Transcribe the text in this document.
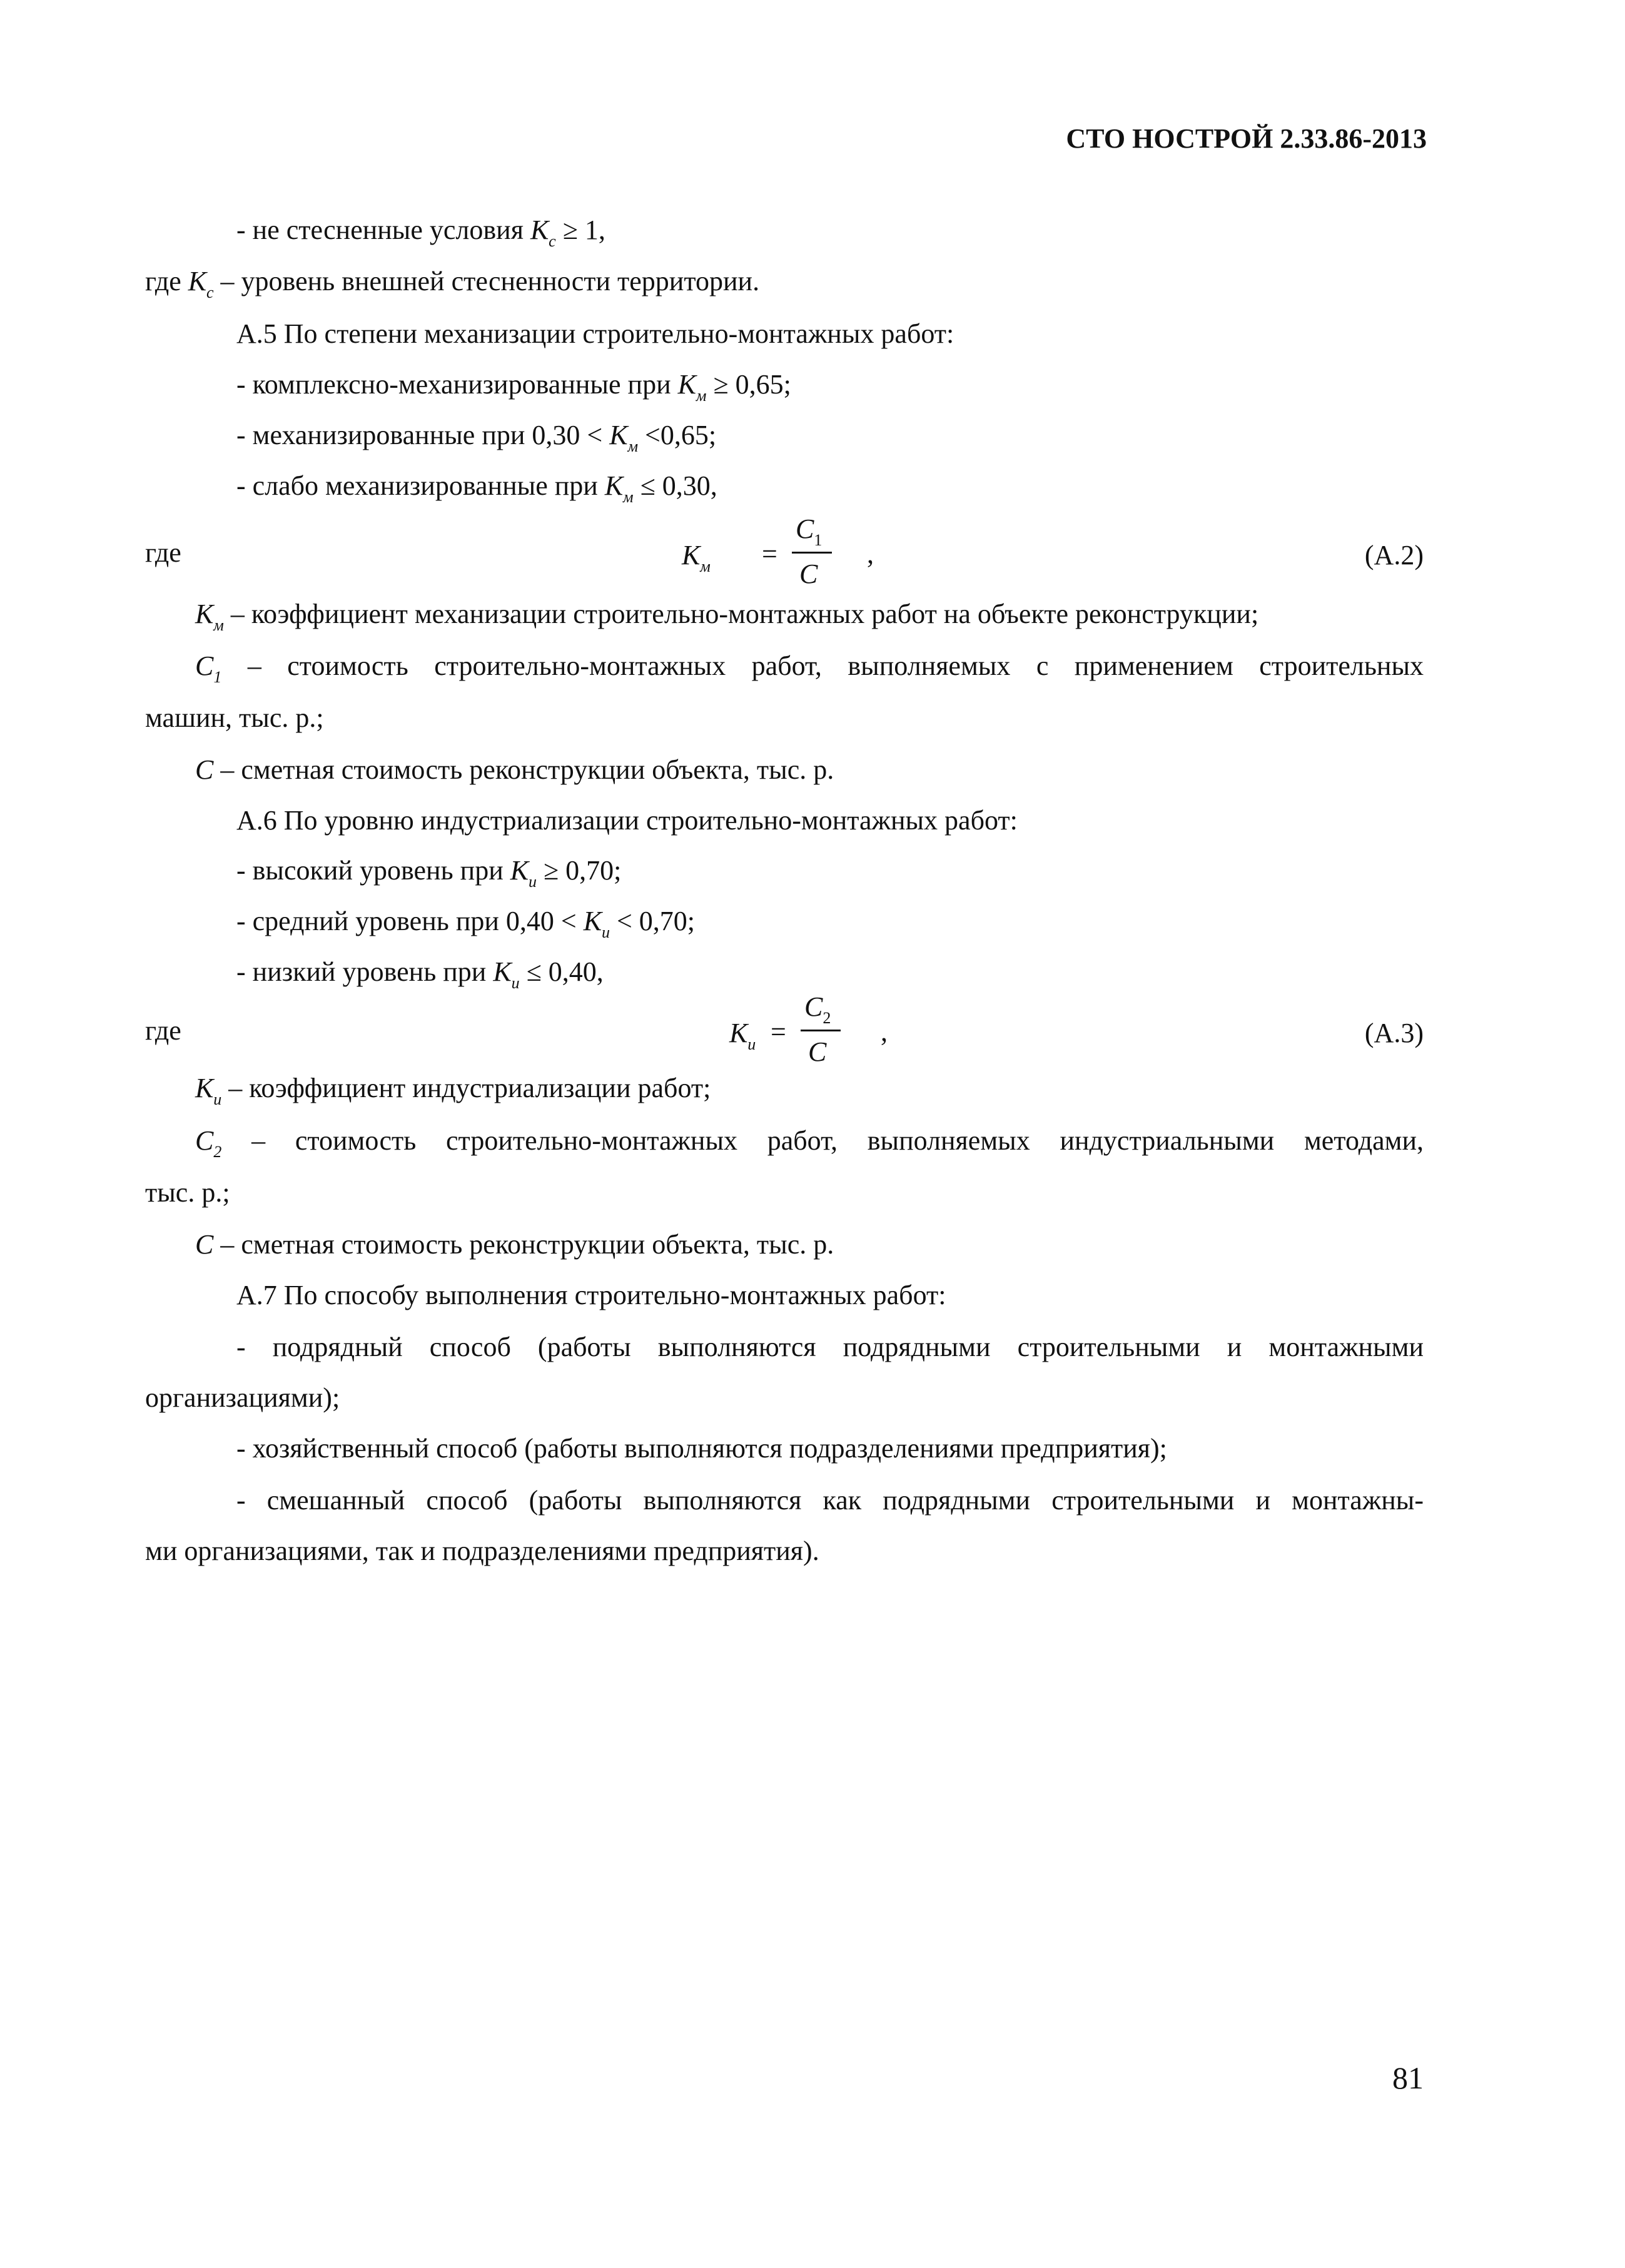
СТО НОСТРОЙ 2.33.86-2013
- не стесненные условия $К_с \ge 1$,
где $К_с$ – уровень внешней стесненности территории.
А.5 По степени механизации строительно-монтажных работ:
- комплексно-механизированные при $К_м \ge 0,65$;
- механизированные при $0,30 < К_м <0,65$;
- слабо механизированные при $К_м \le 0,30$,
где	$К_м$ =
$С_1$
С
,	(А.2)
$К_м$ – коэффициент механизации строительно-монтажных работ на объекте реконструкции;
$С_1$ – стоимость строительно-монтажных работ, выполняемых с применением строительных
машин, тыс. р.;
С – сметная стоимость реконструкции объекта, тыс. р.
А.6 По уровню индустриализации строительно-монтажных работ:
- высокий уровень при $К_и \ge 0,70$;
- средний уровень при $0,40 < К_и < 0,70$;
- низкий уровень при $К_и \le 0,40$,
где	$К_и$ =
$С_2$
С
,	(А.3)
$К_и$ – коэффициент индустриализации работ;
$С_2$ – стоимость строительно-монтажных работ, выполняемых индустриальными методами,
тыс. р.;
С – сметная стоимость реконструкции объекта, тыс. р.
А.7 По способу выполнения строительно-монтажных работ:
- подрядный способ (работы выполняются подрядными строительными и монтажными
организациями);
- хозяйственный способ (работы выполняются подразделениями предприятия);
- смешанный способ (работы выполняются как подрядными строительными и монтажны-
ми организациями, так и подразделениями предприятия).
81
